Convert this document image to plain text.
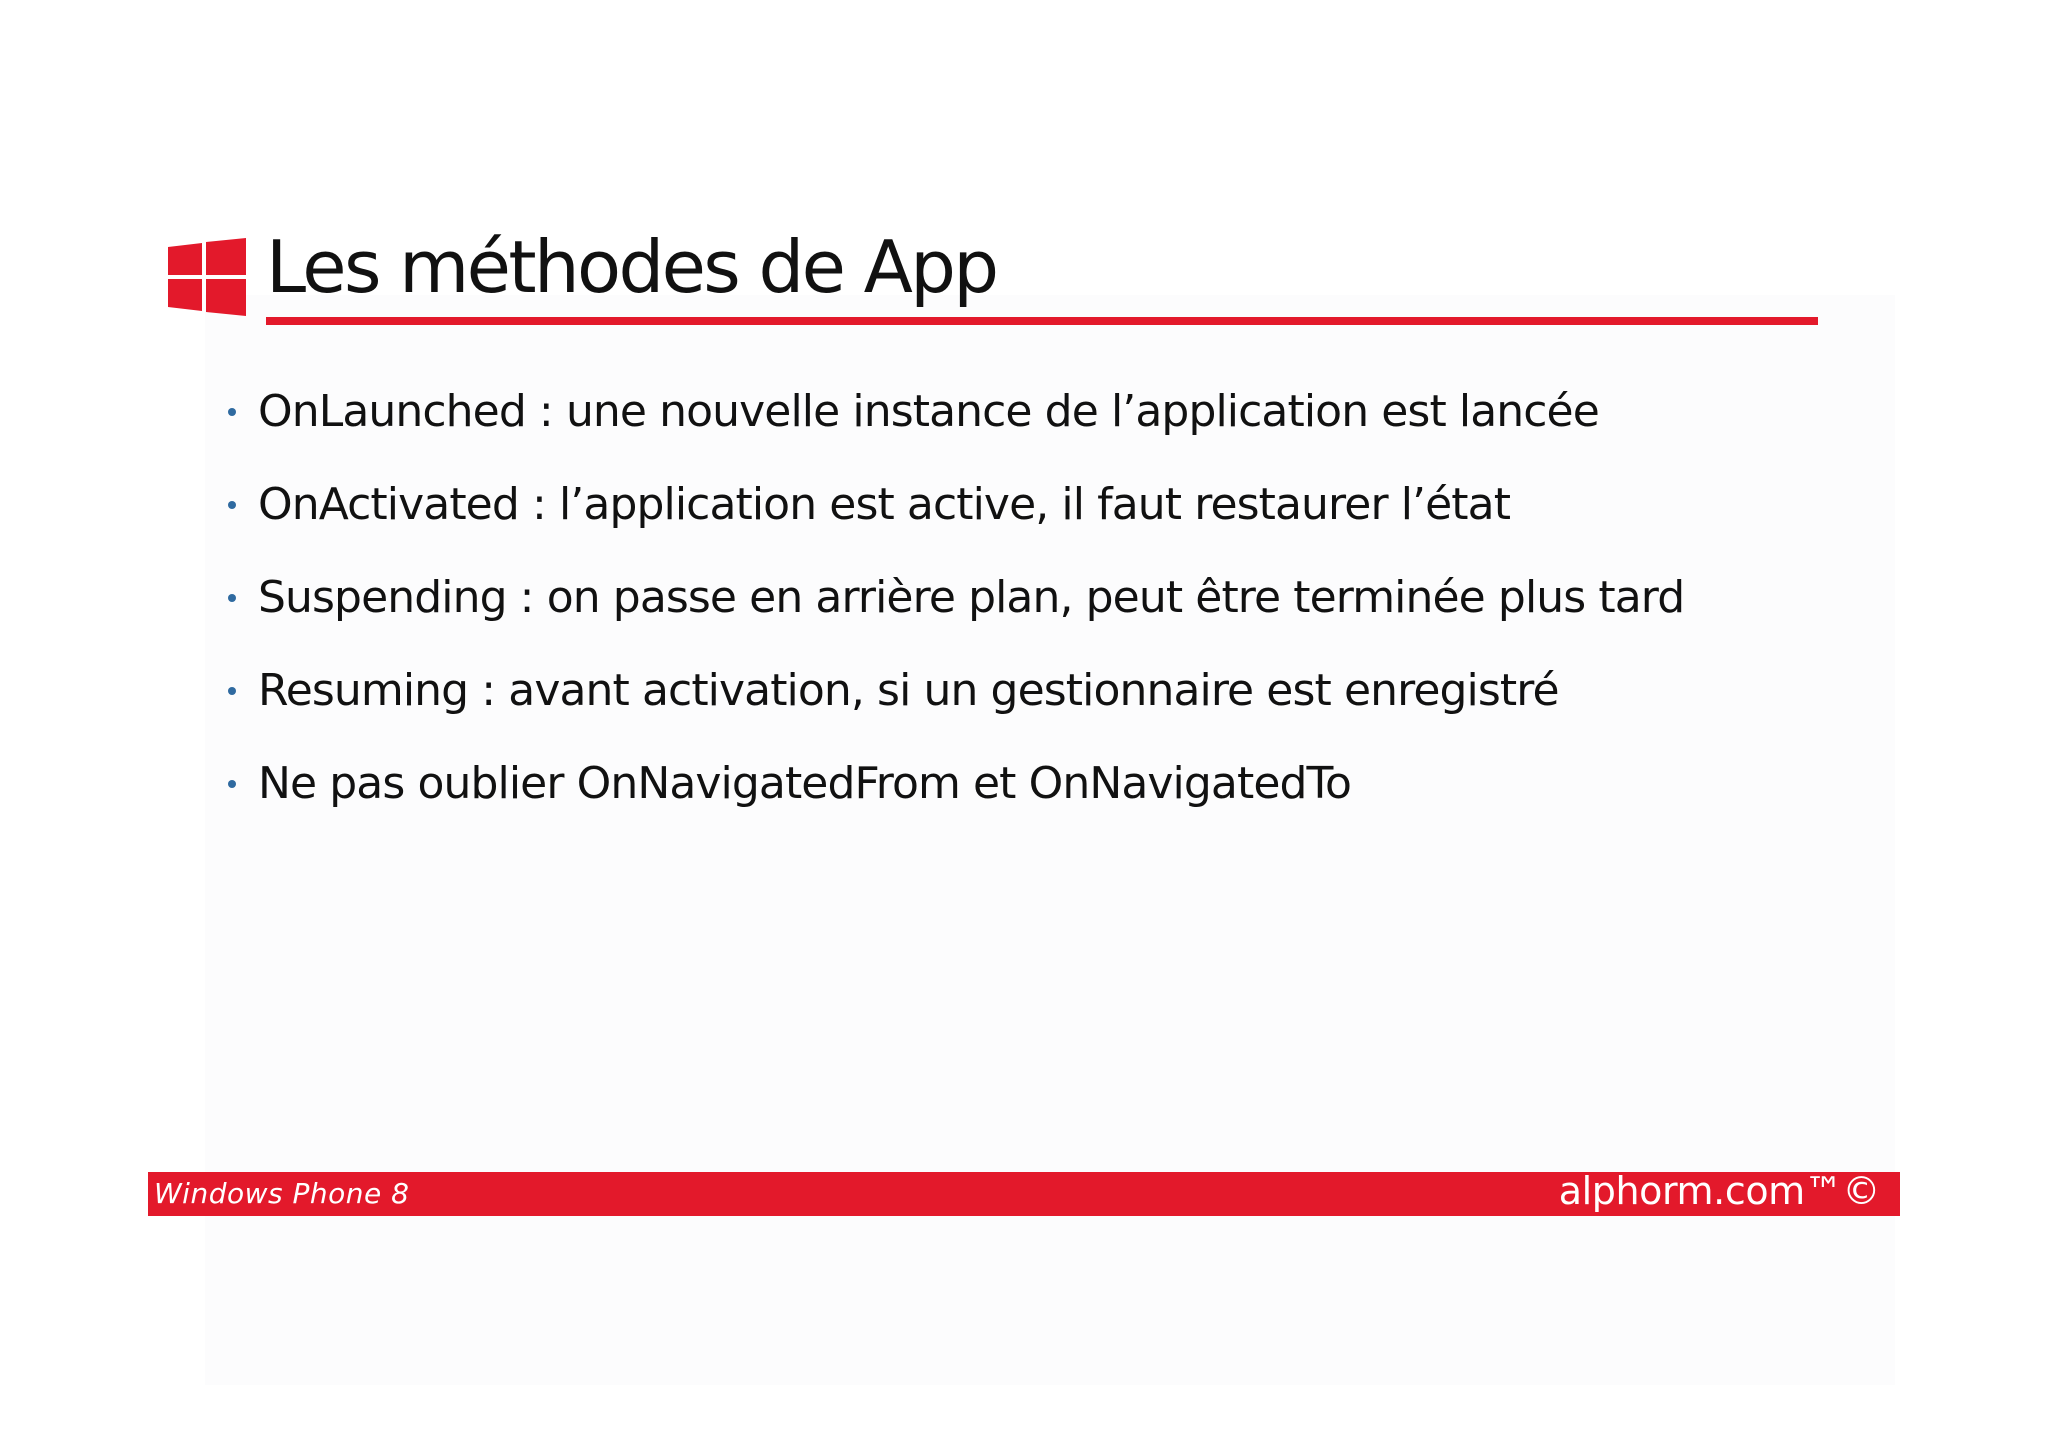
Les méthodes de App
OnLaunched : une nouvelle instance de l’application est lancée
OnActivated : l’application est active, il faut restaurer l’état
Suspending : on passe en arrière plan, peut être terminée plus tard
Resuming : avant activation, si un gestionnaire est enregistré
Ne pas oublier OnNavigatedFrom et OnNavigatedTo
Windows Phone 8	alphorm.com™©
